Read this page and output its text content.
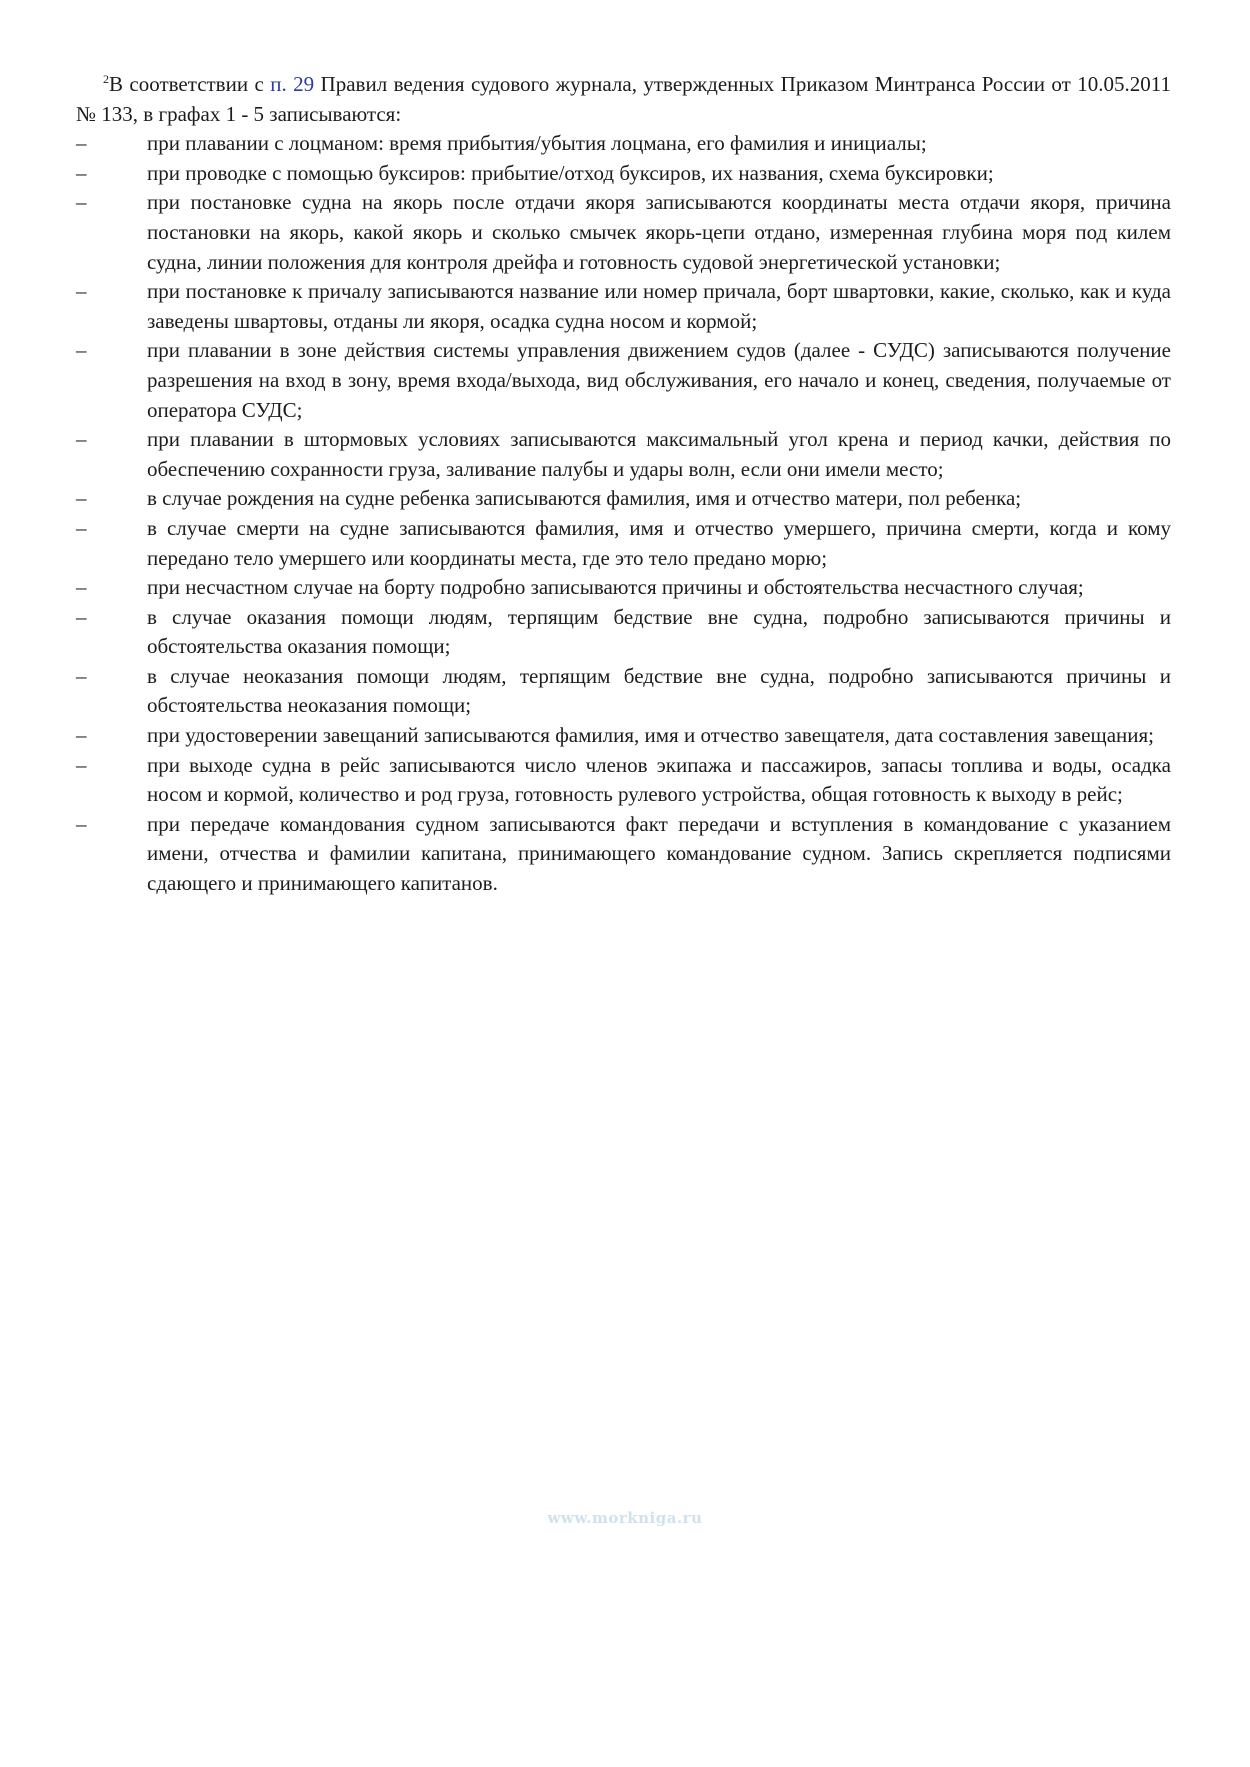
$^2$В соответствии с п. 29 Правил ведения судового журнала, утвержденных Приказом Минтранса России от 10.05.2011 № 133, в графах 1 - 5 записываются:

–	при плавании с лоцманом: время прибытия/убытия лоцмана, его фамилия и инициалы;
–	при проводке с помощью буксиров: прибытие/отход буксиров, их названия, схема буксировки;
–	при постановке судна на якорь после отдачи якоря записываются координаты места отдачи якоря, причина постановки на якорь, какой якорь и сколько смычек якорь-цепи отдано, измеренная глубина моря под килем судна, линии положения для контроля дрейфа и готовность судовой энергетической установки;
–	при постановке к причалу записываются название или номер причала, борт швартовки, какие, сколько, как и куда заведены швартовы, отданы ли якоря, осадка судна носом и кормой;
–	при плавании в зоне действия системы управления движением судов (далее - СУДС) записываются получение разрешения на вход в зону, время входа/выхода, вид обслуживания, его начало и конец, сведения, получаемые от оператора СУДС;
–	при плавании в штормовых условиях записываются максимальный угол крена и период качки, действия по обеспечению сохранности груза, заливание палубы и удары волн, если они имели место;
–	в случае рождения на судне ребенка записываются фамилия, имя и отчество матери, пол ребенка;
–	в случае смерти на судне записываются фамилия, имя и отчество умершего, причина смерти, когда и кому передано тело умершего или координаты места, где это тело предано морю;
–	при несчастном случае на борту подробно записываются причины и обстоятельства несчастного случая;
–	в случае оказания помощи людям, терпящим бедствие вне судна, подробно записываются причины и обстоятельства оказания помощи;
–	в случае неоказания помощи людям, терпящим бедствие вне судна, подробно записываются причины и обстоятельства неоказания помощи;
–	при удостоверении завещаний записываются фамилия, имя и отчество завещателя, дата составления завещания;
–	при выходе судна в рейс записываются число членов экипажа и пассажиров, запасы топлива и воды, осадка носом и кормой, количество и род груза, готовность рулевого устройства, общая готовность к выходу в рейс;
–	при передаче командования судном записываются факт передачи и вступления в командование с указанием имени, отчества и фамилии капитана, принимающего командование судном. Запись скрепляется подписями сдающего и принимающего капитанов.
www.morkniga.ru
